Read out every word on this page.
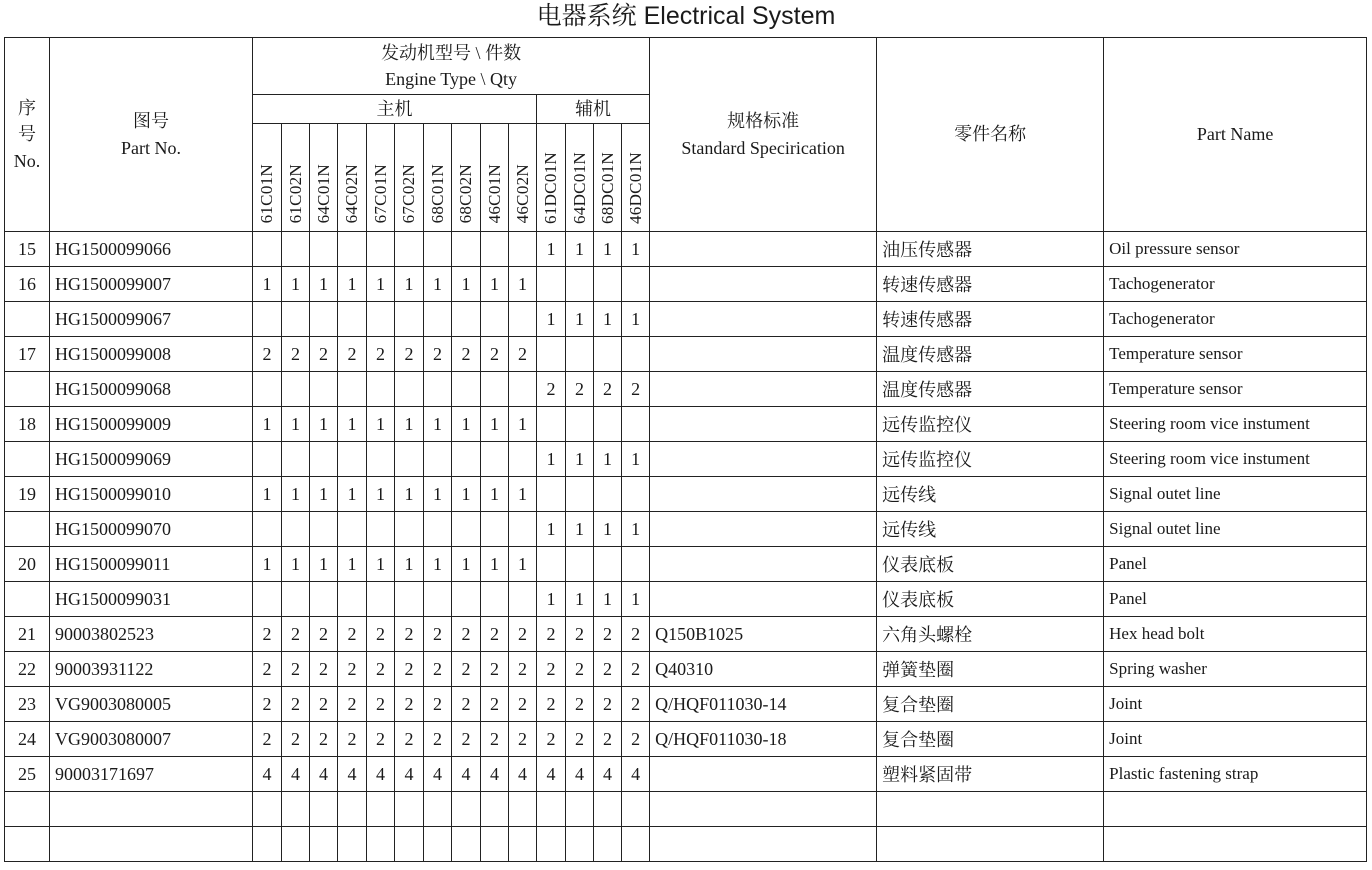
电器系统 Electrical System
序
号
No.	图号
Part No.	发动机型号 \ 件数
Engine Type \ Qty														规格标准
Standard Specirication	零件名称	Part Name
		主机										辅机						
		61C01N	61C02N	64C01N	64C02N	67C01N	67C02N	68C01N	68C02N	46C01N	46C02N	61DC01N	64DC01N	68DC01N	46DC01N			
15	HG1500099066											1	1	1	1		油压传感器	Oil pressure sensor
16	HG1500099007	1	1	1	1	1	1	1	1	1	1						转速传感器	Tachogenerator
	HG1500099067											1	1	1	1		转速传感器	Tachogenerator
17	HG1500099008	2	2	2	2	2	2	2	2	2	2						温度传感器	Temperature sensor
	HG1500099068											2	2	2	2		温度传感器	Temperature sensor
18	HG1500099009	1	1	1	1	1	1	1	1	1	1						远传监控仪	Steering room vice instument
	HG1500099069											1	1	1	1		远传监控仪	Steering room vice instument
19	HG1500099010	1	1	1	1	1	1	1	1	1	1						远传线	Signal outet line
	HG1500099070											1	1	1	1		远传线	Signal outet line
20	HG1500099011	1	1	1	1	1	1	1	1	1	1						仪表底板	Panel
	HG1500099031											1	1	1	1		仪表底板	Panel
21	90003802523	2	2	2	2	2	2	2	2	2	2	2	2	2	2	Q150B1025	六角头螺栓	Hex head bolt
22	90003931122	2	2	2	2	2	2	2	2	2	2	2	2	2	2	Q40310	弹簧垫圈	Spring washer
23	VG9003080005	2	2	2	2	2	2	2	2	2	2	2	2	2	2	Q/HQF011030-14	复合垫圈	Joint
24	VG9003080007	2	2	2	2	2	2	2	2	2	2	2	2	2	2	Q/HQF011030-18	复合垫圈	Joint
25	90003171697	4	4	4	4	4	4	4	4	4	4	4	4	4	4		塑料紧固带	Plastic fastening strap
